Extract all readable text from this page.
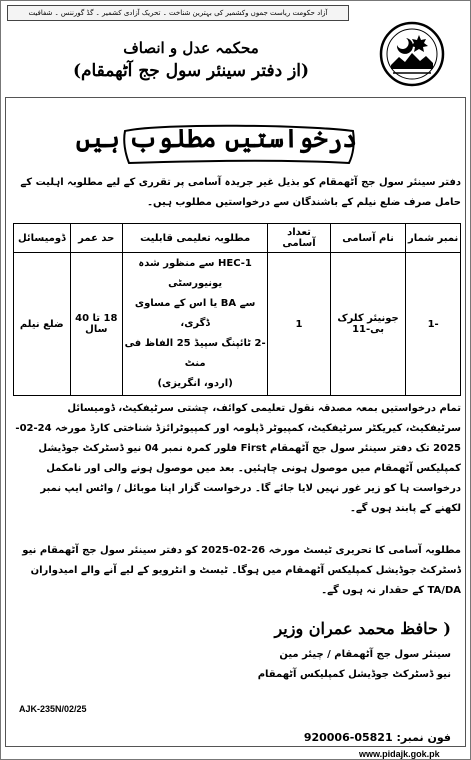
آزاد حکومت ریاست جموں وکشمیر کی بہترین شناخت ۔ تحریک آزادی کشمیر ۔ گڈ گورننس ۔ شفافیت
محکمہ عدل و انصاف
(از دفتر سینئر سول جج آٹھمقام)
درخواستیں مطلوب ہیں
دفتر سینئر سول جج آٹھمقام کو بذیل غیر جریدہ آسامی پر تقرری کے لیے مطلوبہ اہلیت کے حامل صرف ضلع نیلم کے باشندگان سے درخواستیں مطلوب ہیں۔
نمبر شمار	نام آسامی	تعداد آسامی	مطلوبہ تعلیمی قابلیت	حد عمر	ڈومیسائل
-1	جونیئر کلرک بی-11	1	HEC-1 سے منظور شدہ یونیورسٹی
سے BA یا اس کے مساوی ڈگری،
-2 ٹائپنگ سپیڈ 25 الفاظ فی منٹ
(اردو، انگریزی)	18 تا 40 سال	ضلع نیلم
تمام درخواستیں بمعہ مصدقہ نقول تعلیمی کوائف، چشتی سرٹیفکیٹ، ڈومیسائل سرٹیفکیٹ، کیریکٹر سرٹیفکیٹ، کمپیوٹر ڈپلومہ اور کمپیوٹرائزڈ شناختی کارڈ مورخہ 24-02-2025 تک دفتر سینئر سول جج آٹھمقام First فلور کمرہ نمبر 04 نیو ڈسٹرکٹ جوڈیشل کمپلیکس آٹھمقام میں موصول ہونی چاہئیں۔ بعد میں موصول ہونے والی اور نامکمل درخواست ہا کو زیر غور نہیں لایا جائے گا۔ درخواست گزار اپنا موبائل / واٹس ایپ نمبر لکھنے کے پابند ہوں گے۔
مطلوبہ آسامی کا تحریری ٹیسٹ مورخہ 26-02-2025 کو دفتر سینئر سول جج آٹھمقام نیو ڈسٹرکٹ جوڈیشل کمپلیکس آٹھمقام میں ہوگا۔ ٹیسٹ و انٹرویو کے لیے آنے والے امیدواران TA/DA کے حقدار نہ ہوں گے۔
( حافظ محمد عمران وزیر
سینئر سول جج آٹھمقام / چیئر مین
نیو ڈسٹرکٹ جوڈیشل کمپلیکس آٹھمقام
AJK-235N/02/25
فون نمبر: 05821-920006
www.pidajk.gok.pk
